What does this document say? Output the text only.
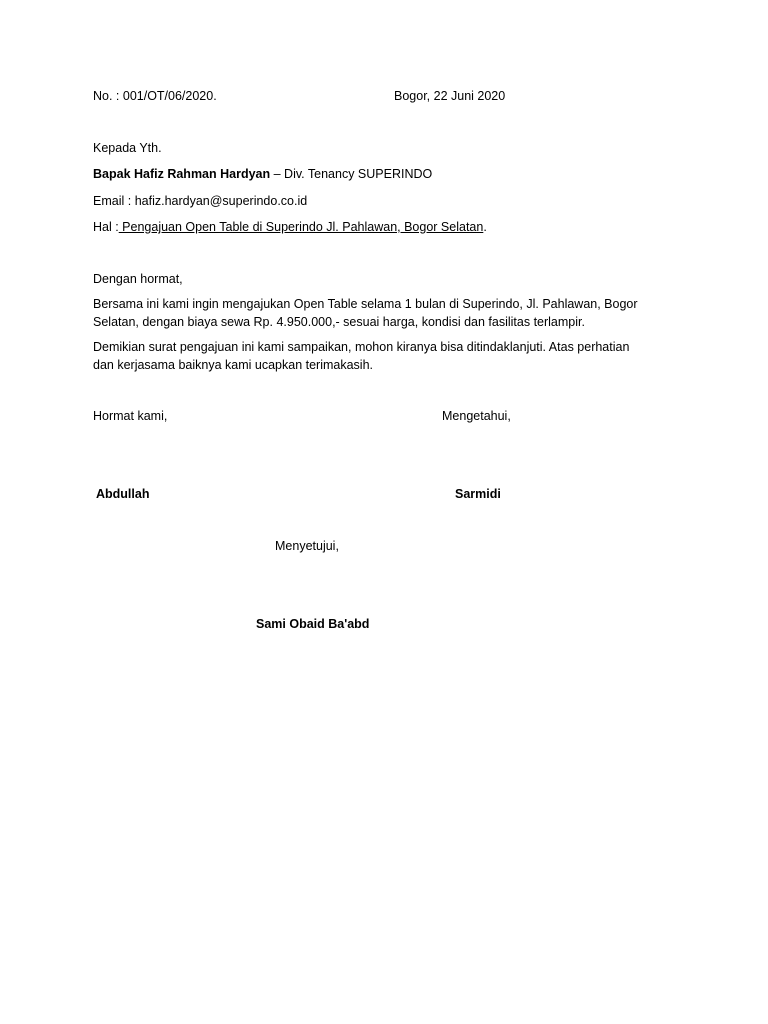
No. : 001/OT/06/2020.	Bogor, 22 Juni 2020
Kepada Yth.
Bapak Hafiz Rahman Hardyan – Div. Tenancy SUPERINDO
Email : hafiz.hardyan@superindo.co.id
Hal : Pengajuan Open Table di Superindo Jl. Pahlawan, Bogor Selatan.
Dengan hormat,
Bersama ini kami ingin mengajukan Open Table selama 1 bulan di Superindo, Jl. Pahlawan, Bogor
Selatan, dengan biaya sewa Rp. 4.950.000,- sesuai harga, kondisi dan fasilitas terlampir.
Demikian surat pengajuan ini kami sampaikan, mohon kiranya bisa ditindaklanjuti. Atas perhatian
dan kerjasama baiknya kami ucapkan terimakasih.
Hormat kami,	Mengetahui,
Abdullah	Sarmidi
Menyetujui,
Sami Obaid Ba'abd
